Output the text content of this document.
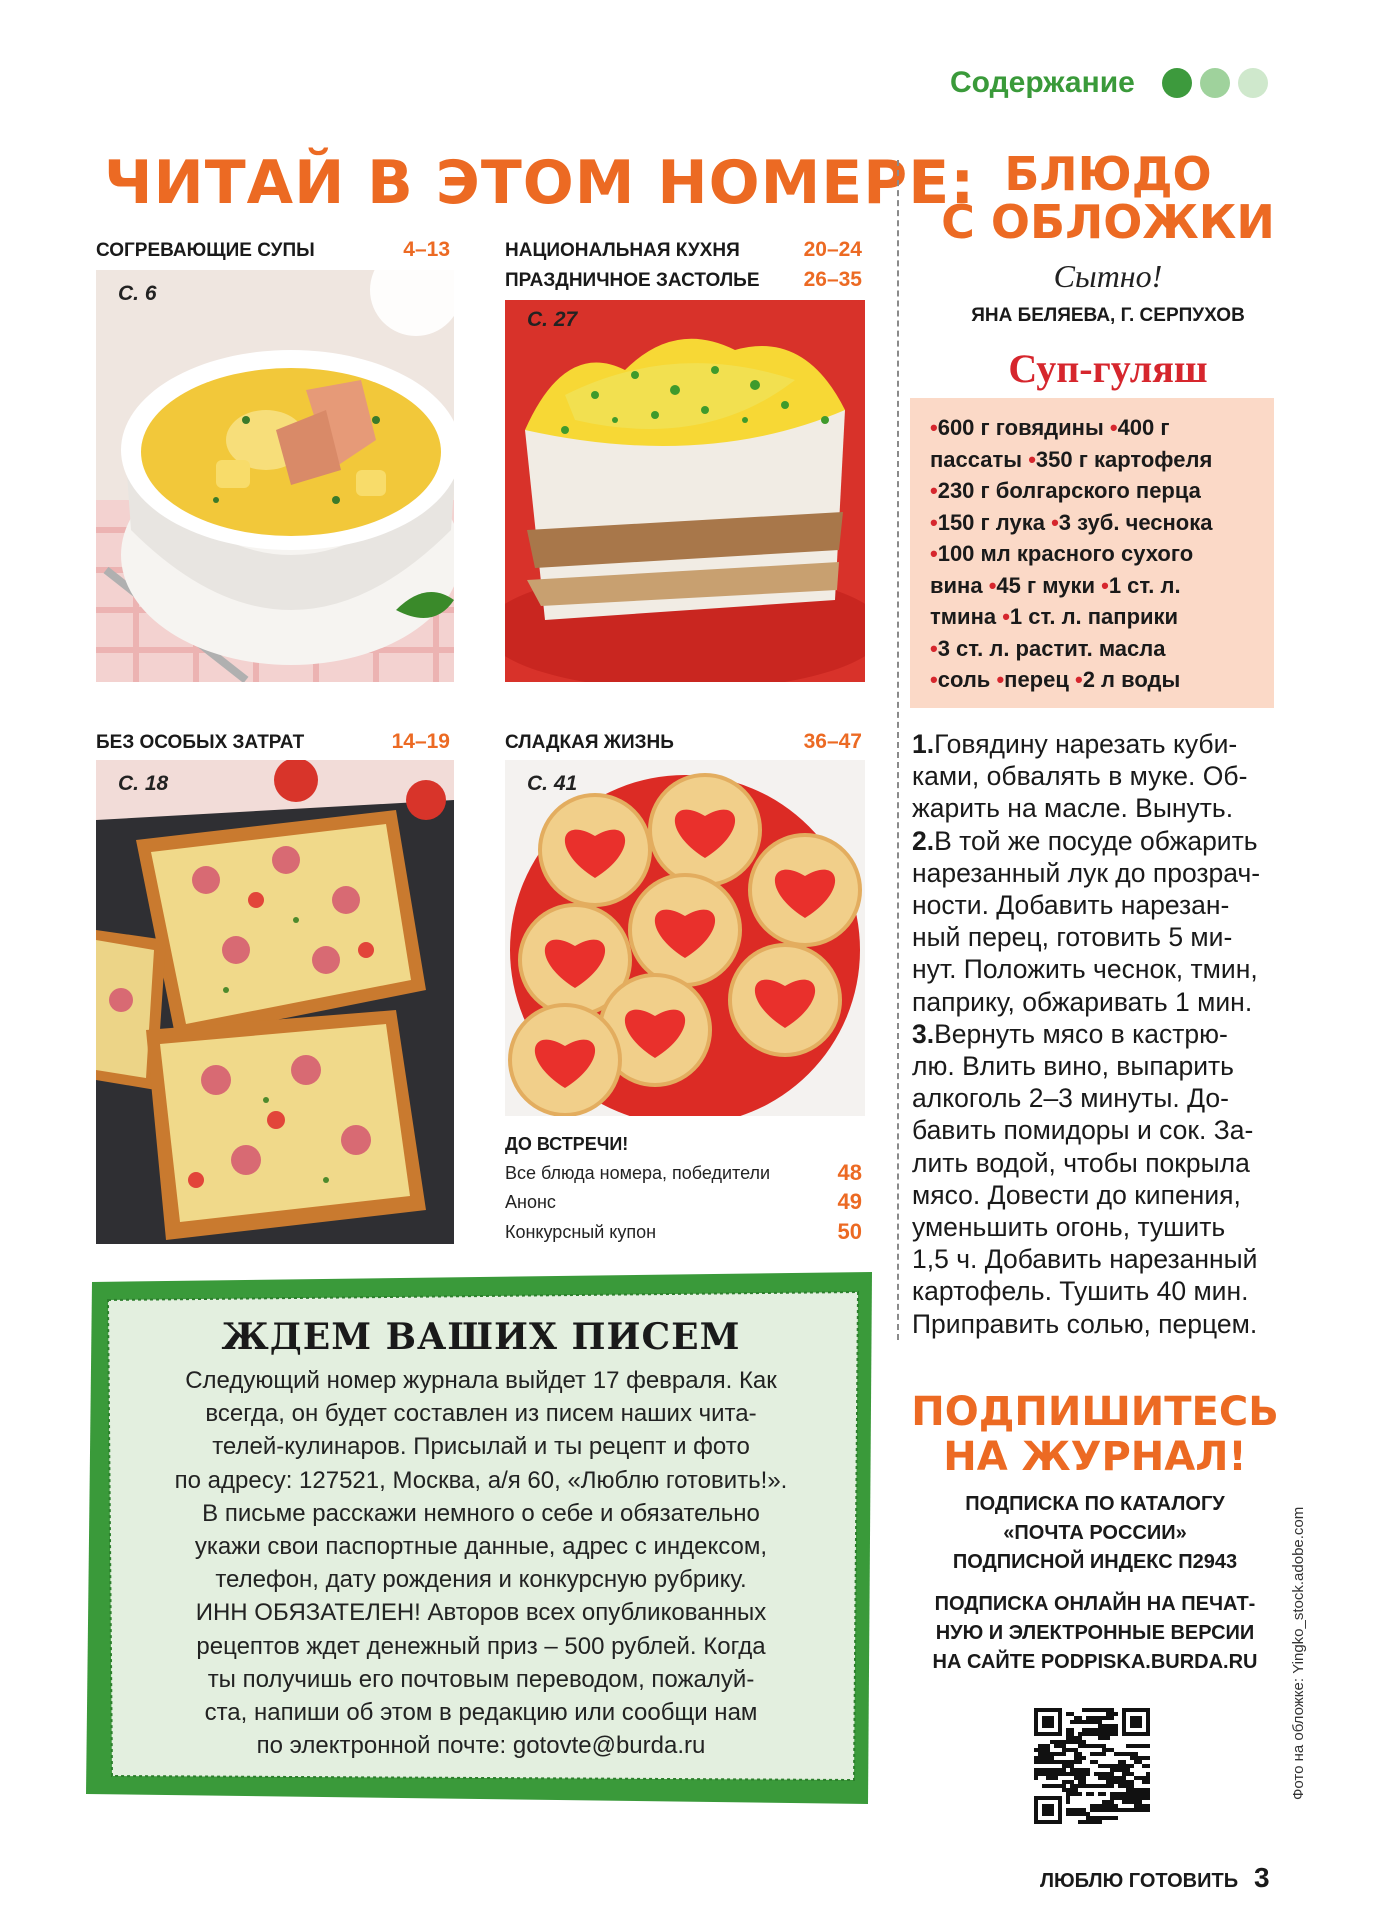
Содержание
ЧИТАЙ В ЭТОМ НОМЕРЕ:
СОГРЕВАЮЩИЕ СУПЫ	4–13
С. 6
НАЦИОНАЛЬНАЯ КУХНЯ	20–24
ПРАЗДНИЧНОЕ ЗАСТОЛЬЕ	26–35
С. 27
БЕЗ ОСОБЫХ ЗАТРАТ	14–19
С. 18
СЛАДКАЯ ЖИЗНЬ	36–47
С. 41
ДО ВСТРЕЧИ!
Все блюда номера, победители	48
Анонс	49
Конкурсный купон	50
БЛЮДО
С ОБЛОЖКИ
Сытно!
ЯНА БЕЛЯЕВА, Г. СЕРПУХОВ
Суп-гуляш
•600 г говядины •400 г
пассаты •350 г картофеля
•230 г болгарского перца
•150 г лука •3 зуб. чеснока
•100 мл красного сухого
вина •45 г муки •1 ст. л.
тмина •1 ст. л. паприки
•3 ст. л. растит. масла
•соль •перец •2 л воды
1.Говядину нарезать куби-
ками, обвалять в муке. Об-
жарить на масле. Вынуть.
2.В той же посуде обжарить
нарезанный лук до прозрач-
ности. Добавить нарезан-
ный перец, готовить 5 ми-
нут. Положить чеснок, тмин,
паприку, обжаривать 1 мин.
3.Вернуть мясо в кастрю-
лю. Влить вино, выпарить
алкоголь 2–3 минуты. До-
бавить помидоры и сок. За-
лить водой, чтобы покрыла
мясо. Довести до кипения,
уменьшить огонь, тушить
1,5 ч. Добавить нарезанный
картофель. Тушить 40 мин.
Приправить солью, перцем.
ПОДПИШИТЕСЬ
НА ЖУРНАЛ!
ПОДПИСКА ПО КАТАЛОГУ
«ПОЧТА РОССИИ»
ПОДПИСНОЙ ИНДЕКС П2943
ПОДПИСКА ОНЛАЙН НА ПЕЧАТ-
НУЮ И ЭЛЕКТРОННЫЕ ВЕРСИИ
НА САЙТЕ PODPISKA.BURDA.RU	Фото на обложке: Yingko_stock.adobe.com
ЖДЕМ ВАШИХ ПИСЕМ
Следующий номер журнала выйдет 17 февраля. Как
всегда, он будет составлен из писем наших чита-
телей-кулинаров. Присылай и ты рецепт и фото
по адресу: 127521, Москва, а/я 60, «Люблю готовить!».
В письме расскажи немного о себе и обязательно
укажи свои паспортные данные, адрес с индексом,
телефон, дату рождения и конкурсную рубрику.
ИНН ОБЯЗАТЕЛЕН! Авторов всех опубликованных
рецептов ждет денежный приз – 500 рублей. Когда
ты получишь его почтовым переводом, пожалуй-
ста, напиши об этом в редакцию или сообщи нам
по электронной почте: gotovte@burda.ru
ЛЮБЛЮ ГОТОВИТЬ 3
